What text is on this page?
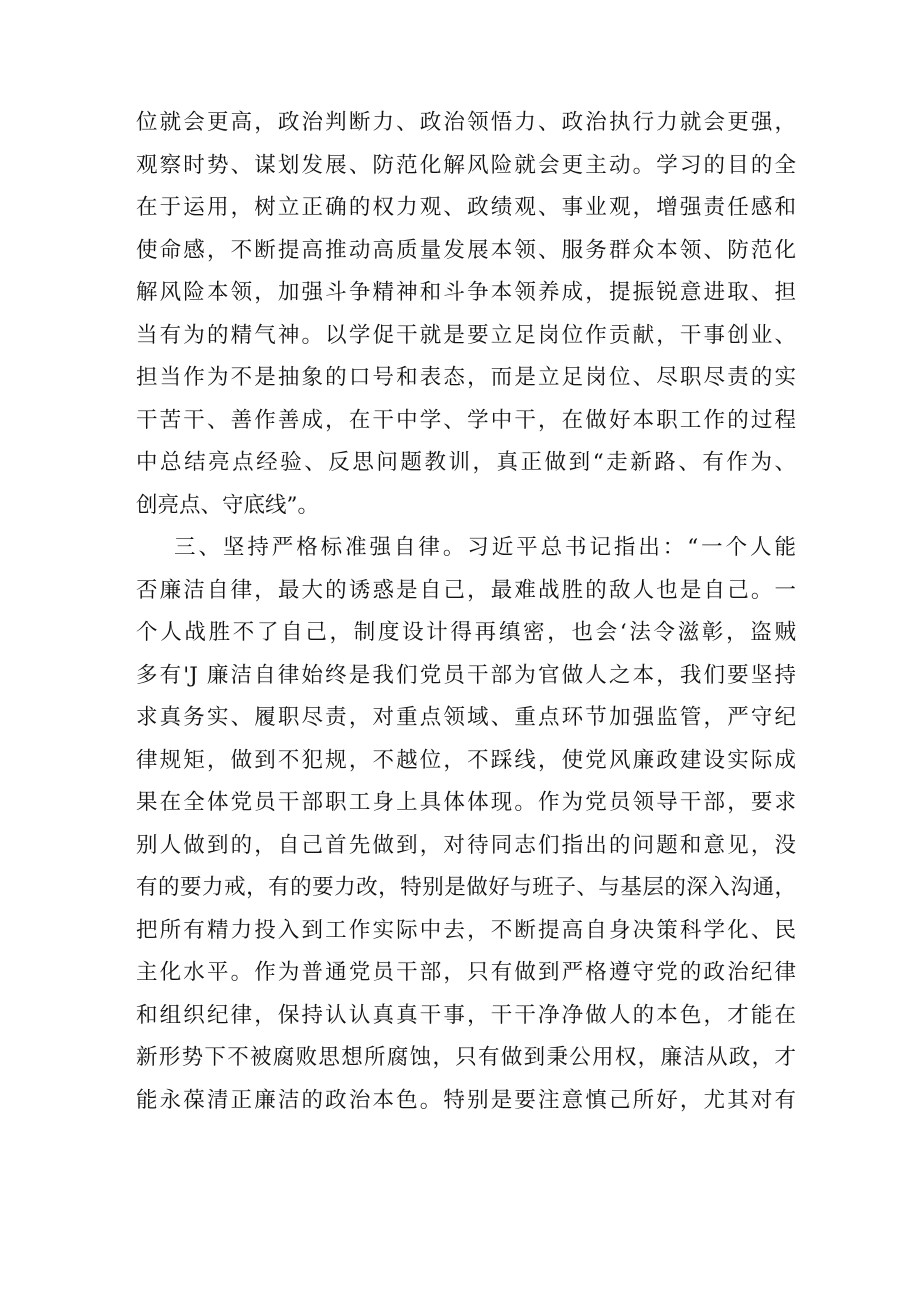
位就会更高，政治判断力、政治领悟力、政治执行力就会更强，
观察时势、谋划发展、防范化解风险就会更主动。学习的目的全
在于运用，树立正确的权力观、政绩观、事业观，增强责任感和
使命感，不断提高推动高质量发展本领、服务群众本领、防范化
解风险本领，加强斗争精神和斗争本领养成，提振锐意进取、担
当有为的精气神。以学促干就是要立足岗位作贡献，干事创业、
担当作为不是抽象的口号和表态，而是立足岗位、尽职尽责的实
干苦干、善作善成，在干中学、学中干，在做好本职工作的过程
中总结亮点经验、反思问题教训，真正做到“走新路、有作为、
创亮点、守底线”。
三、坚持严格标准强自律。习近平总书记指出：“一个人能
否廉洁自律，最大的诱惑是自己，最难战胜的敌人也是自己。一
个人战胜不了自己，制度设计得再缜密，也会‘法令滋彰，盗贼
多有'J 廉洁自律始终是我们党员干部为官做人之本，我们要坚持
求真务实、履职尽责，对重点领域、重点环节加强监管，严守纪
律规矩，做到不犯规，不越位，不踩线，使党风廉政建设实际成
果在全体党员干部职工身上具体体现。作为党员领导干部，要求
别人做到的，自己首先做到，对待同志们指出的问题和意见，没
有的要力戒，有的要力改，特别是做好与班子、与基层的深入沟通，
把所有精力投入到工作实际中去，不断提高自身决策科学化、民
主化水平。作为普通党员干部，只有做到严格遵守党的政治纪律
和组织纪律，保持认认真真干事，干干净净做人的本色，才能在
新形势下不被腐败思想所腐蚀，只有做到秉公用权，廉洁从政，才
能永葆清正廉洁的政治本色。特别是要注意慎己所好，尤其对有
